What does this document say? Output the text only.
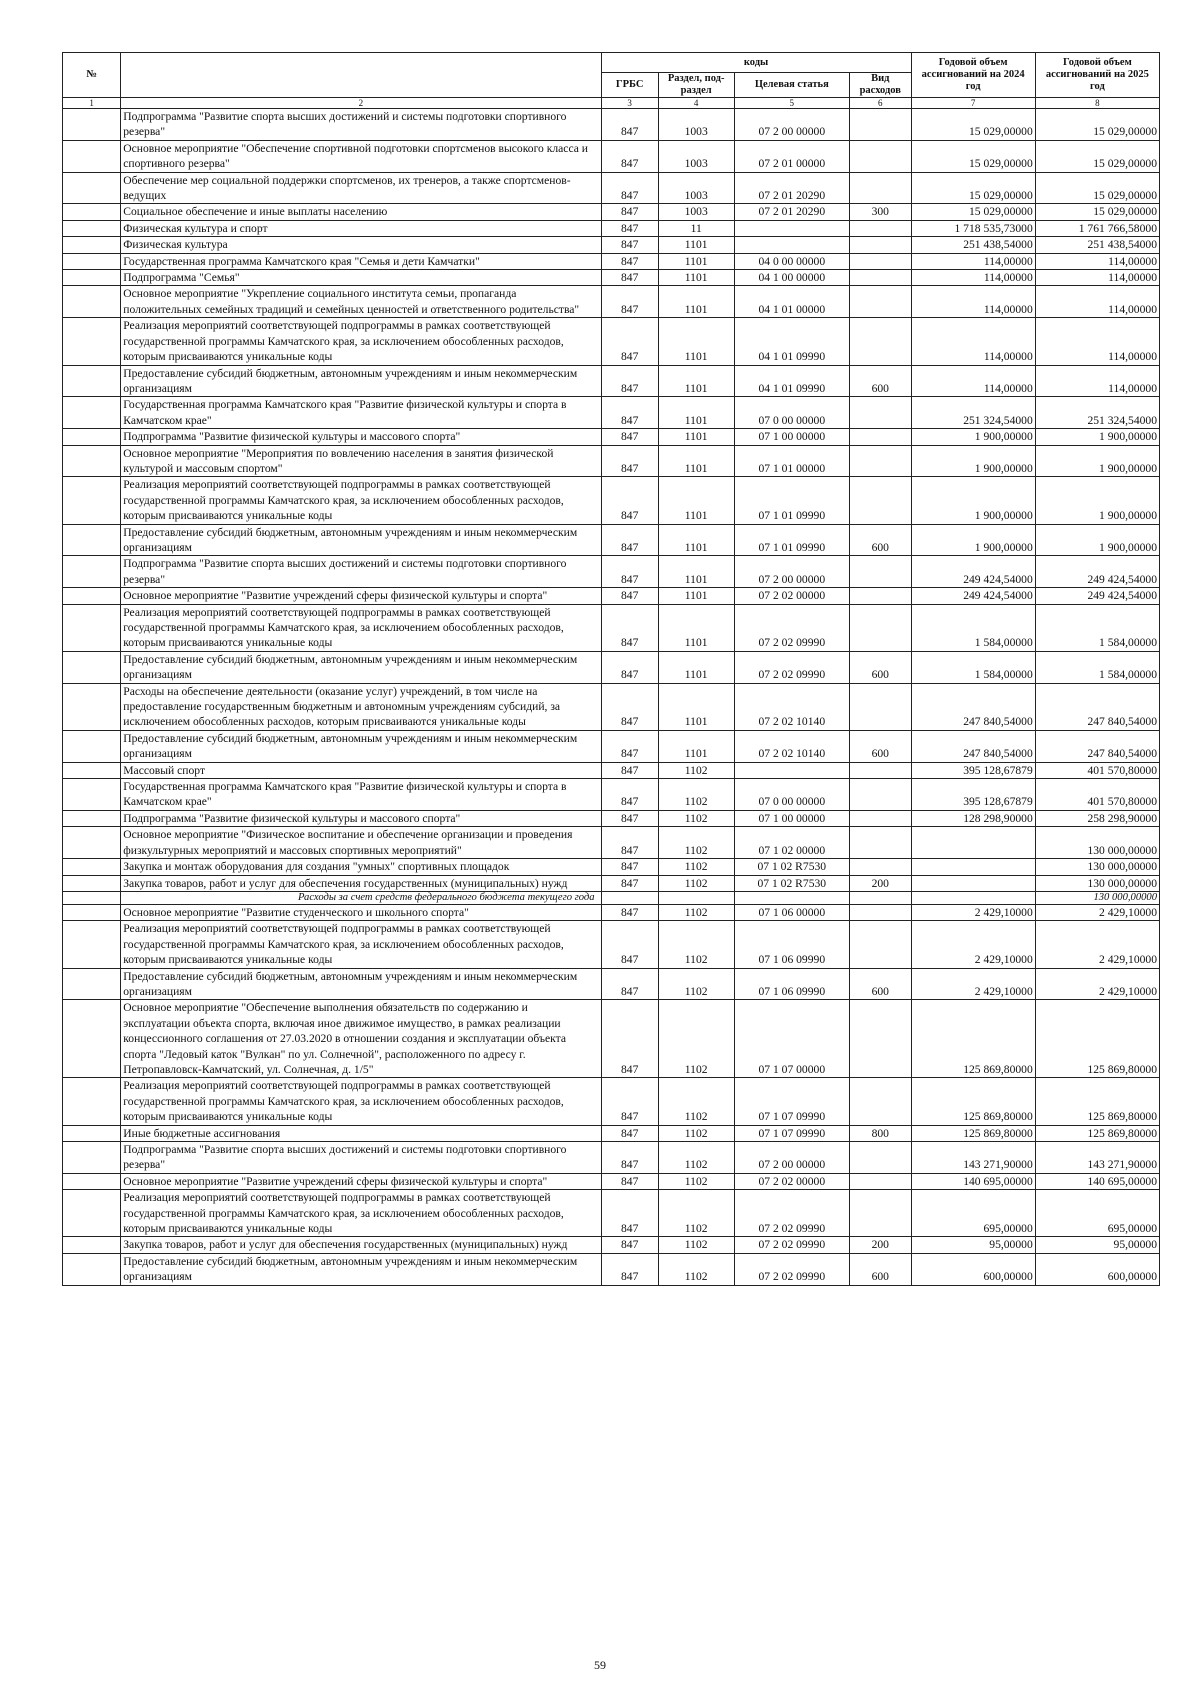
№		коды				Годовой объем ассигнований на 2024 год	Годовой объем ассигнований на 2025 год
		ГРБС	Раздел, под-раздел	Целевая статья	Вид расходов		
1	2	3	4	5	6	7	8
	Подпрограмма "Развитие спорта высших достижений и системы подготовки спортивного резерва"	847	1003	07 2 00 00000		15 029,00000	15 029,00000
	Основное мероприятие "Обеспечение спортивной подготовки спортсменов высокого класса и спортивного резерва"	847	1003	07 2 01 00000		15 029,00000	15 029,00000
	Обеспечение мер социальной поддержки спортсменов, их тренеров, а также спортсменов-ведущих	847	1003	07 2 01 20290		15 029,00000	15 029,00000
	Социальное обеспечение и иные выплаты населению	847	1003	07 2 01 20290	300	15 029,00000	15 029,00000
	Физическая культура и спорт	847	11			1 718 535,73000	1 761 766,58000
	Физическая культура	847	1101			251 438,54000	251 438,54000
	Государственная программа Камчатского края "Семья и дети Камчатки"	847	1101	04 0 00 00000		114,00000	114,00000
	Подпрограмма "Семья"	847	1101	04 1 00 00000		114,00000	114,00000
	Основное мероприятие "Укрепление социального института семьи, пропаганда положительных семейных традиций и семейных ценностей и ответственного родительства"	847	1101	04 1 01 00000		114,00000	114,00000
	Реализация мероприятий соответствующей подпрограммы в рамках соответствующей государственной программы Камчатского края, за исключением обособленных расходов, которым присваиваются уникальные коды	847	1101	04 1 01 09990		114,00000	114,00000
	Предоставление субсидий бюджетным, автономным учреждениям и иным некоммерческим организациям	847	1101	04 1 01 09990	600	114,00000	114,00000
	Государственная программа Камчатского края "Развитие физической культуры и спорта в Камчатском крае"	847	1101	07 0 00 00000		251 324,54000	251 324,54000
	Подпрограмма "Развитие физической культуры и массового спорта"	847	1101	07 1 00 00000		1 900,00000	1 900,00000
	Основное мероприятие "Мероприятия по вовлечению населения в занятия физической культурой и массовым спортом"	847	1101	07 1 01 00000		1 900,00000	1 900,00000
	Реализация мероприятий соответствующей подпрограммы в рамках соответствующей государственной программы Камчатского края, за исключением обособленных расходов, которым присваиваются уникальные коды	847	1101	07 1 01 09990		1 900,00000	1 900,00000
	Предоставление субсидий бюджетным, автономным учреждениям и иным некоммерческим организациям	847	1101	07 1 01 09990	600	1 900,00000	1 900,00000
	Подпрограмма "Развитие спорта высших достижений и системы подготовки спортивного резерва"	847	1101	07 2 00 00000		249 424,54000	249 424,54000
	Основное мероприятие "Развитие учреждений сферы физической культуры и спорта"	847	1101	07 2 02 00000		249 424,54000	249 424,54000
	Реализация мероприятий соответствующей подпрограммы в рамках соответствующей государственной программы Камчатского края, за исключением обособленных расходов, которым присваиваются уникальные коды	847	1101	07 2 02 09990		1 584,00000	1 584,00000
	Предоставление субсидий бюджетным, автономным учреждениям и иным некоммерческим организациям	847	1101	07 2 02 09990	600	1 584,00000	1 584,00000
	Расходы на обеспечение деятельности (оказание услуг) учреждений, в том числе на предоставление государственным бюджетным и автономным учреждениям субсидий, за исключением обособленных расходов, которым присваиваются уникальные коды	847	1101	07 2 02 10140		247 840,54000	247 840,54000
	Предоставление субсидий бюджетным, автономным учреждениям и иным некоммерческим организациям	847	1101	07 2 02 10140	600	247 840,54000	247 840,54000
	Массовый спорт	847	1102			395 128,67879	401 570,80000
	Государственная программа Камчатского края "Развитие физической культуры и спорта в Камчатском крае"	847	1102	07 0 00 00000		395 128,67879	401 570,80000
	Подпрограмма "Развитие физической культуры и массового спорта"	847	1102	07 1 00 00000		128 298,90000	258 298,90000
	Основное мероприятие "Физическое воспитание и обеспечение организации и проведения физкультурных мероприятий и массовых спортивных мероприятий"	847	1102	07 1 02 00000			130 000,00000
	Закупка и монтаж оборудования для создания "умных" спортивных площадок	847	1102	07 1 02 R7530			130 000,00000
	Закупка товаров, работ и услуг для обеспечения государственных (муниципальных) нужд	847	1102	07 1 02 R7530	200		130 000,00000
	Расходы за счет средств федерального бюджета текущего года						130 000,00000
	Основное мероприятие "Развитие студенческого и школьного спорта"	847	1102	07 1 06 00000		2 429,10000	2 429,10000
	Реализация мероприятий соответствующей подпрограммы в рамках соответствующей государственной программы Камчатского края, за исключением обособленных расходов, которым присваиваются уникальные коды	847	1102	07 1 06 09990		2 429,10000	2 429,10000
	Предоставление субсидий бюджетным, автономным учреждениям и иным некоммерческим организациям	847	1102	07 1 06 09990	600	2 429,10000	2 429,10000
	Основное мероприятие "Обеспечение выполнения обязательств по содержанию и эксплуатации объекта спорта, включая иное движимое имущество, в рамках реализации концессионного соглашения от 27.03.2020 в отношении создания и эксплуатации объекта спорта "Ледовый каток "Вулкан" по ул. Солнечной", расположенного по адресу г. Петропавловск-Камчатский, ул. Солнечная, д. 1/5"	847	1102	07 1 07 00000		125 869,80000	125 869,80000
	Реализация мероприятий соответствующей подпрограммы в рамках соответствующей государственной программы Камчатского края, за исключением обособленных расходов, которым присваиваются уникальные коды	847	1102	07 1 07 09990		125 869,80000	125 869,80000
	Иные бюджетные ассигнования	847	1102	07 1 07 09990	800	125 869,80000	125 869,80000
	Подпрограмма "Развитие спорта высших достижений и системы подготовки спортивного резерва"	847	1102	07 2 00 00000		143 271,90000	143 271,90000
	Основное мероприятие "Развитие учреждений сферы физической культуры и спорта"	847	1102	07 2 02 00000		140 695,00000	140 695,00000
	Реализация мероприятий соответствующей подпрограммы в рамках соответствующей государственной программы Камчатского края, за исключением обособленных расходов, которым присваиваются уникальные коды	847	1102	07 2 02 09990		695,00000	695,00000
	Закупка товаров, работ и услуг для обеспечения государственных (муниципальных) нужд	847	1102	07 2 02 09990	200	95,00000	95,00000
	Предоставление субсидий бюджетным, автономным учреждениям и иным некоммерческим организациям	847	1102	07 2 02 09990	600	600,00000	600,00000
59
